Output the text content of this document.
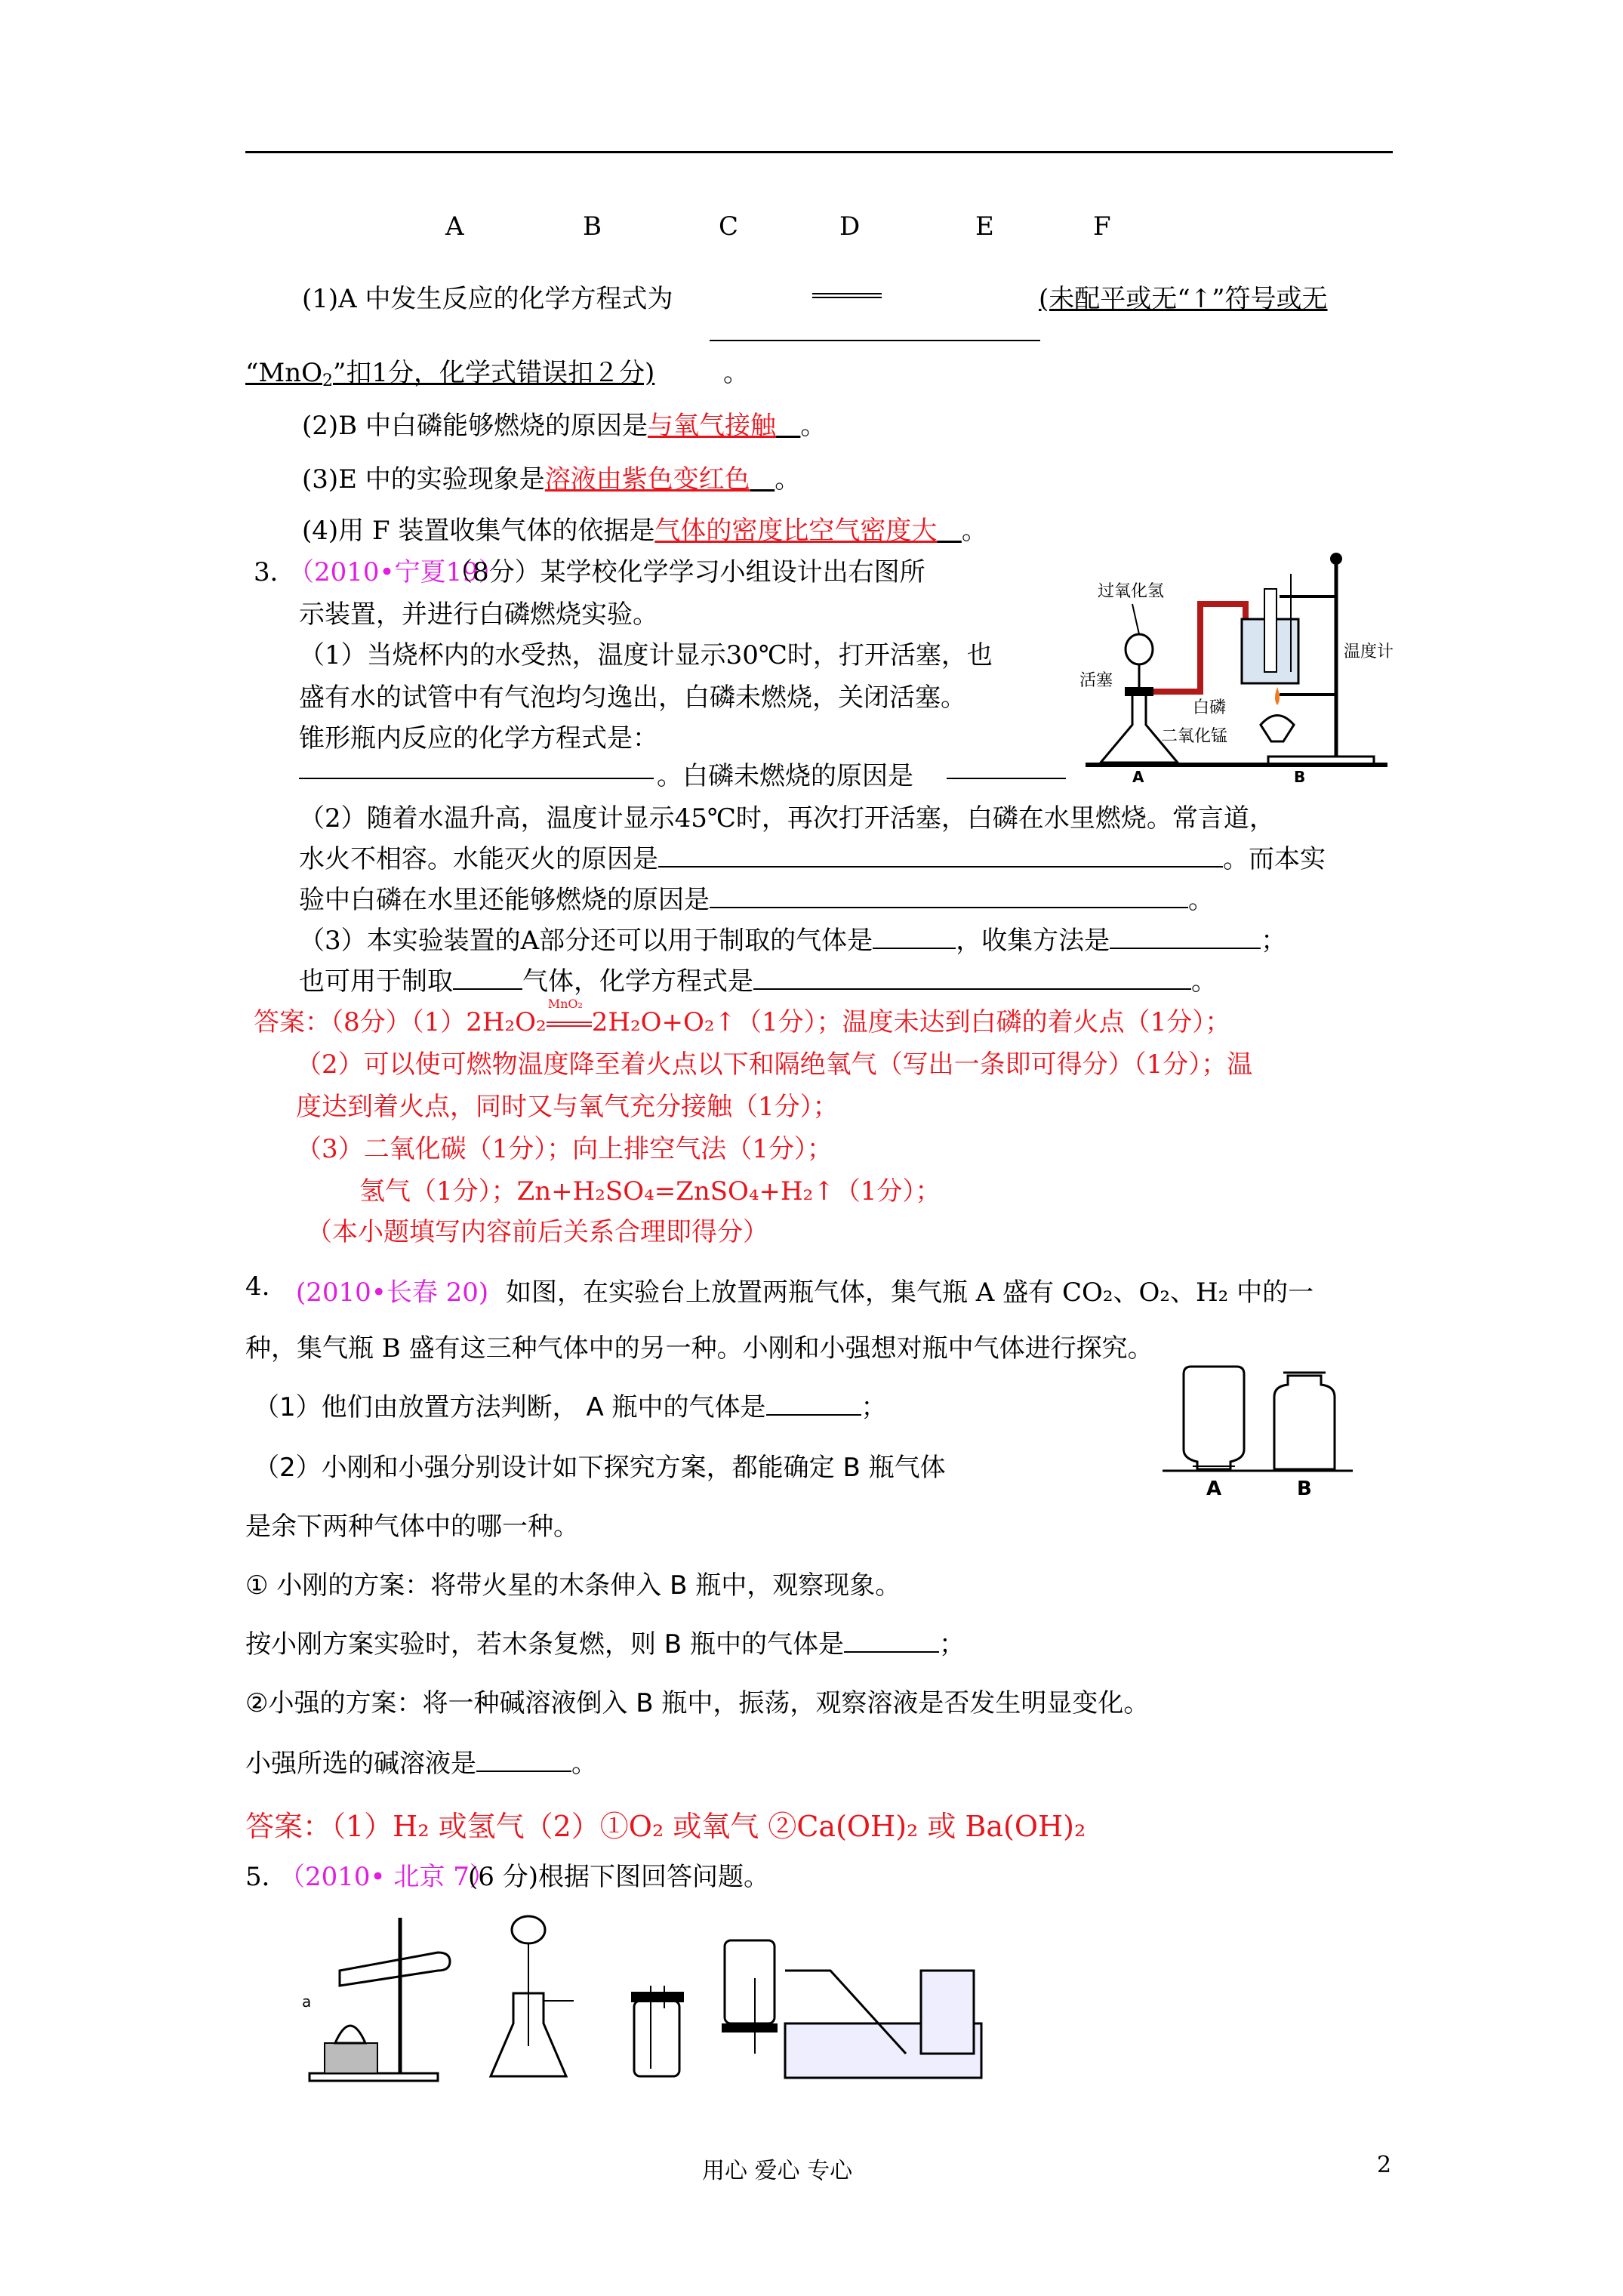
A	B	C	D	E	F
(1)A 中发生反应的化学方程式为	(未配平或无“↑”符号或无
“MnO$_2$”扣1分，化学式错误扣２分)	。
(2)B 中白磷能够燃烧的原因是与氧气接触 。
(3)E 中的实验现象是溶液由紫色变红色 。
(4)用 F 装置收集气体的依据是气体的密度比空气密度大 。
3．
（2010•宁夏19）
（8分）某学校化学学习小组设计出右图所
示装置，并进行白磷燃烧实验。
（1）当烧杯内的水受热，温度计显示30℃时，打开活塞，也
盛有水的试管中有气泡均匀逸出，白磷未燃烧，关闭活塞。
锥形瓶内反应的化学方程式是：
。白磷未燃烧的原因是
（2）随着水温升高，温度计显示45℃时，再次打开活塞，白磷在水里燃烧。常言道，
水火不相容。水能灭火的原因是	。而本实
验中白磷在水里还能够燃烧的原因是	。
（3）本实验装置的A部分还可以用于制取的气体是	，收集方法是	；
也可用于制取	气体，化学方程式是	。
过氧化氢
温度计
活塞
白磷
二氧化锰
A	B
答案：（8分）（1）2H₂O₂
MnO₂
2H₂O+O₂↑（1分）；温度未达到白磷的着火点（1分）；
（2）可以使可燃物温度降至着火点以下和隔绝氧气（写出一条即可得分）（1分）；温
度达到着火点，同时又与氧气充分接触（1分）；
（3）二氧化碳（1分）；向上排空气法（1分）；
氢气（1分）；Zn+H₂SO₄=ZnSO₄+H₂↑（1分）；
（本小题填写内容前后关系合理即得分）
4. (2010•长春 20) 如图，在实验台上放置两瓶气体，集气瓶 A 盛有 CO₂、O₂、H₂ 中的一
种，集气瓶 B 盛有这三种气体中的另一种。小刚和小强想对瓶中气体进行探究。
（1）他们由放置方法判断， A 瓶中的气体是	；
（2）小刚和小强分别设计如下探究方案，都能确定 B 瓶气体
是余下两种气体中的哪一种。
① 小刚的方案：将带火星的木条伸入 B 瓶中，观察现象。
按小刚方案实验时，若木条复燃，则 B 瓶中的气体是	；
②小强的方案：将一种碱溶液倒入 B 瓶中，振荡，观察溶液是否发生明显变化。
小强所选的碱溶液是	。
A	B
答案：（1）H₂ 或氢气（2）①O₂ 或氧气 ②Ca(OH)₂ 或 Ba(OH)₂
5．
（2010• 北京 7）
(6 分)根据下图回答问题。
a
用心 爱心 专心	2
